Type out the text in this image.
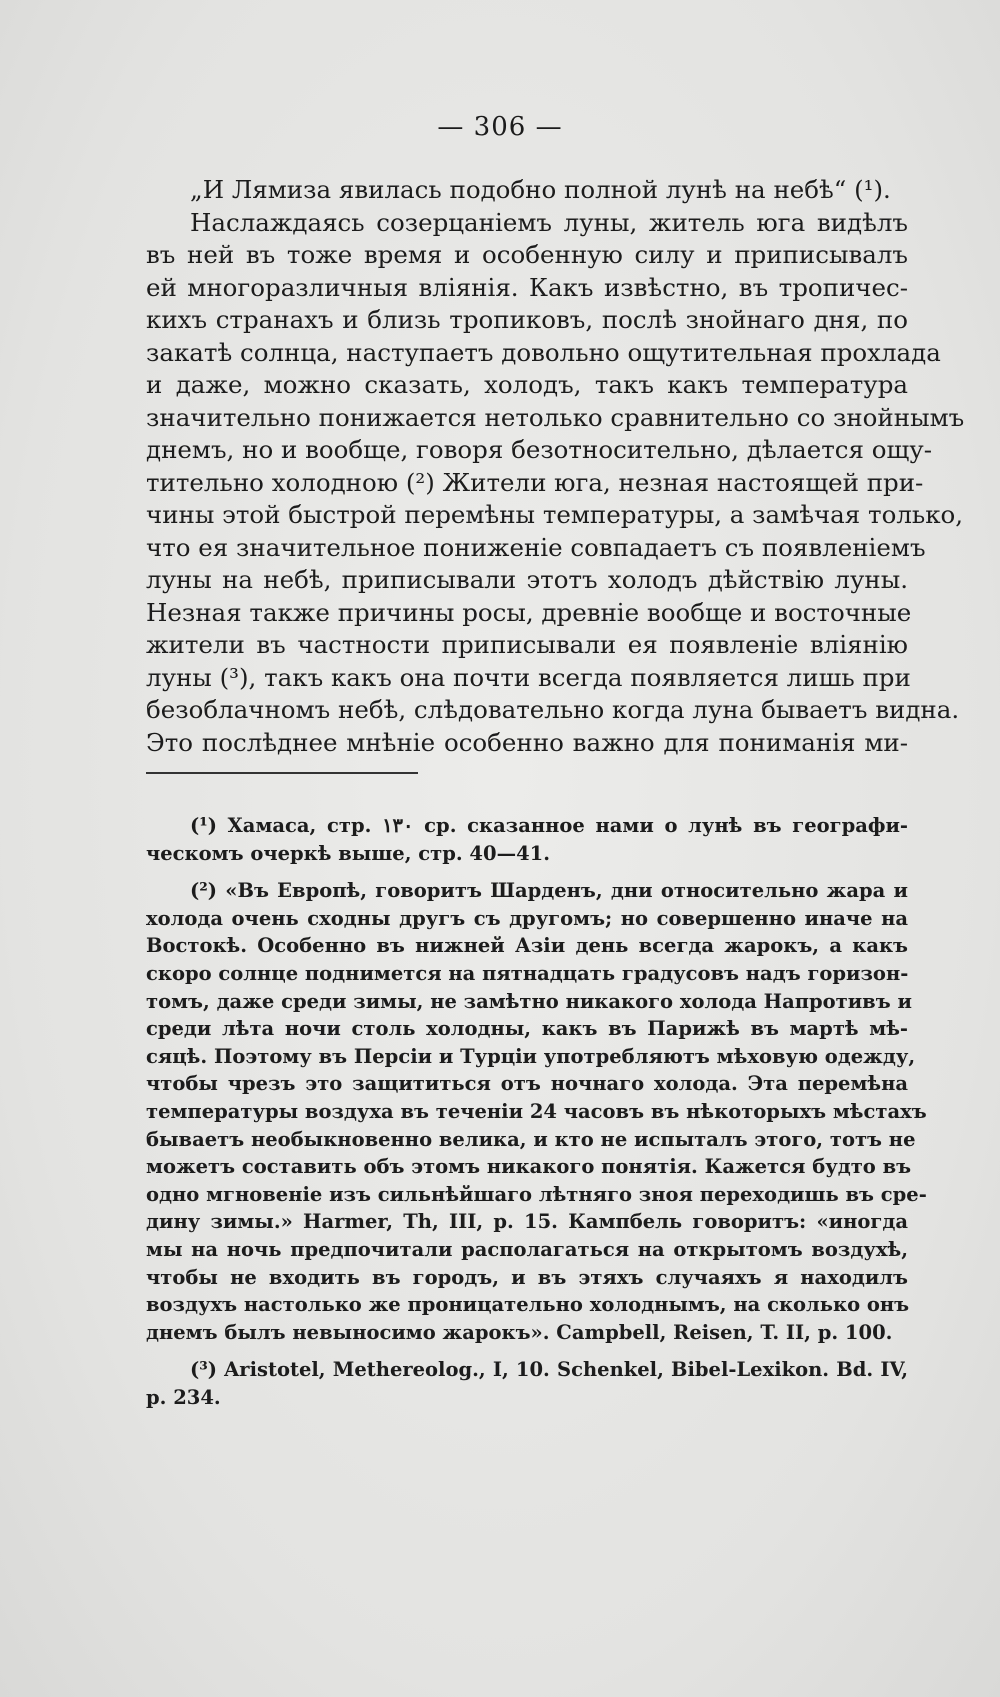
— 306 —
„И Лямиза явилась подобно полной лунѣ на небѣ“ (¹).
Наслаждаясь созерцаніемъ луны, житель юга видѣлъ
въ ней въ тоже время и особенную силу и приписывалъ
ей многоразличныя вліянія. Какъ извѣстно, въ тропичес-
кихъ странахъ и близь тропиковъ, послѣ знойнаго дня, по
закатѣ солнца, наступаетъ довольно ощутительная прохлада
и даже, можно сказать, холодъ, такъ какъ температура
значительно понижается нетолько сравнительно со знойнымъ
днемъ, но и вообще, говоря безотносительно, дѣлается ощу-
тительно холодною (²) Жители юга, незная настоящей при-
чины этой быстрой перемѣны температуры, а замѣчая только,
что ея значительное пониженіе совпадаетъ съ появленіемъ
луны на небѣ, приписывали этотъ холодъ дѣйствію луны.
Незная также причины росы, древніе вообще и восточные
жители въ частности приписывали ея появленіе вліянію
луны (³), такъ какъ она почти всегда появляется лишь при
безоблачномъ небѣ, слѣдовательно когда луна бываетъ видна.
Это послѣднее мнѣніе особенно важно для пониманія ми-
(¹) Хамаса, стр. ١٣٠ ср. сказанное нами о лунѣ въ географи-
ческомъ очеркѣ выше, стр. 40—41.
(²) «Въ Европѣ, говоритъ Шарденъ, дни относительно жара и
холода очень сходны другъ съ другомъ; но совершенно иначе на
Востокѣ. Особенно въ нижней Азіи день всегда жарокъ, а какъ
скоро солнце поднимется на пятнадцать градусовъ надъ горизон-
томъ, даже среди зимы, не замѣтно никакого холода Напротивъ и
среди лѣта ночи столь холодны, какъ въ Парижѣ въ мартѣ мѣ-
сяцѣ. Поэтому въ Персіи и Турціи употребляютъ мѣховую одежду,
чтобы чрезъ это защититься отъ ночнаго холода. Эта перемѣна
температуры воздуха въ теченіи 24 часовъ въ нѣкоторыхъ мѣстахъ
бываетъ необыкновенно велика, и кто не испыталъ этого, тотъ не
можетъ составить объ этомъ никакого понятія. Кажется будто въ
одно мгновеніе изъ сильнѣйшаго лѣтняго зноя переходишь въ сре-
дину зимы.» Harmer, Th, III, p. 15. Кампбель говоритъ: «иногда
мы на ночь предпочитали располагаться на открытомъ воздухѣ,
чтобы не входить въ городъ, и въ этяхъ случаяхъ я находилъ
воздухъ настолько же проницательно холоднымъ, на сколько онъ
днемъ былъ невыносимо жарокъ». Campbell, Reisen, T. II, p. 100.
(³) Aristotel, Methereolog., I, 10. Schenkel, Bibel-Lexikon. Bd. IV,
p. 234.
